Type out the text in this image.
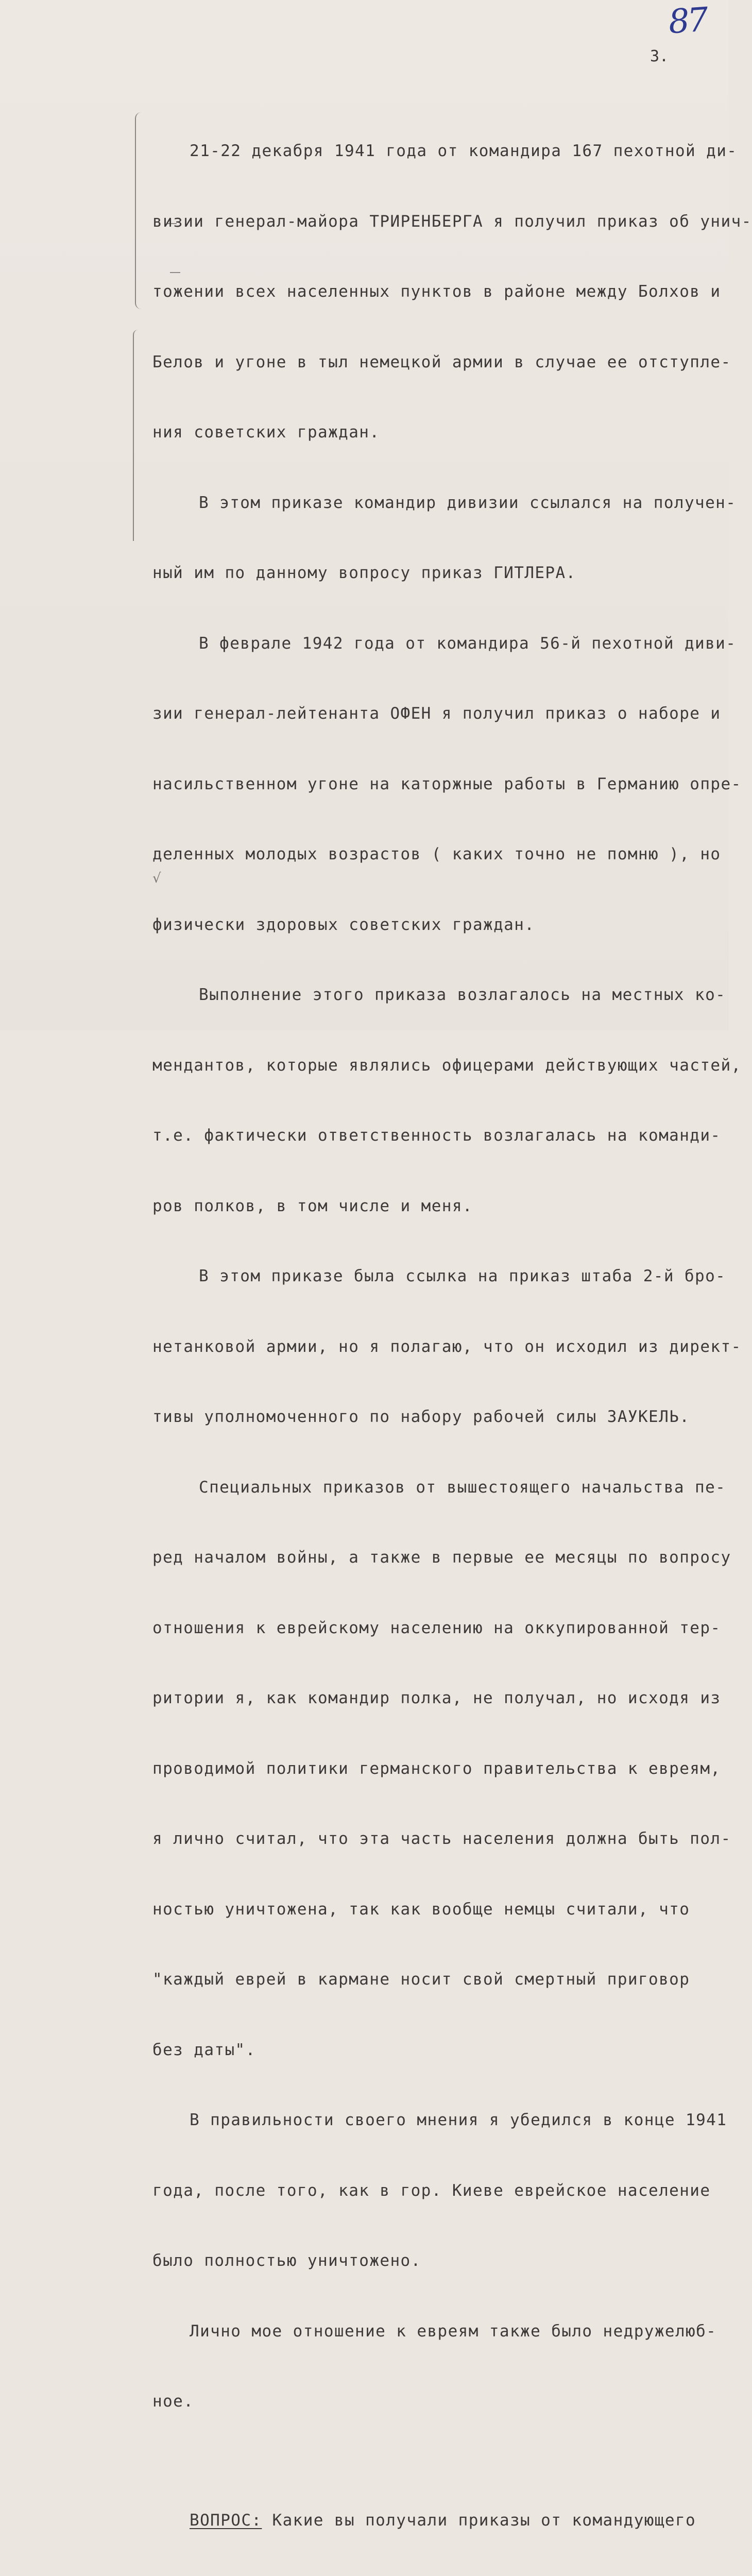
87
3.

21-22 декабря 1941 года от командира 167 пехотной ди-

визии генерал-майора ТРИРЕНБЕРГА я получил приказ об унич-

тожении всех населенных пунктов в районе между Болхов и

Белов и угоне в тыл немецкой армии в случае ее отступле-

ния советских граждан.

В этом приказе командир дивизии ссылался на получен-

ный им по данному вопросу приказ ГИТЛЕРА.

В феврале 1942 года от командира 56-й пехотной диви-

зии генерал-лейтенанта ОФЕН я получил приказ о наборе и

насильственном угоне на каторжные работы в Германию опре-

деленных молодых возрастов ( каких точно не помню ), но

физически здоровых советских граждан.

Выполнение этого приказа возлагалось на местных ко-

мендантов, которые являлись офицерами действующих частей,

т.е. фактически ответственность возлагалась на команди-

ров полков, в том числе и меня.

В этом приказе была ссылка на приказ штаба 2-й бро-

нетанковой армии, но я полагаю, что он исходил из директ-

тивы уполномоченного по набору рабочей силы ЗАУКЕЛЬ.

Специальных приказов от вышестоящего начальства пе-

ред началом войны, а также в первые ее месяцы по вопросу

отношения к еврейскому населению на оккупированной тер-

ритории я, как командир полка, не получал, но исходя из

проводимой политики германского правительства к евреям,

я лично считал, что эта часть населения должна быть пол-

ностью уничтожена, так как вообще немцы считали, что

"каждый еврей в кармане носит свой смертный приговор

без даты".

В правильности своего мнения я убедился в конце 1941

года, после того, как в гор. Киеве еврейское население

было полностью уничтожено.

Лично мое отношение к евреям также было недружелюб-

ное.

ВОПРОС: Какие вы получали приказы от командующего

√
